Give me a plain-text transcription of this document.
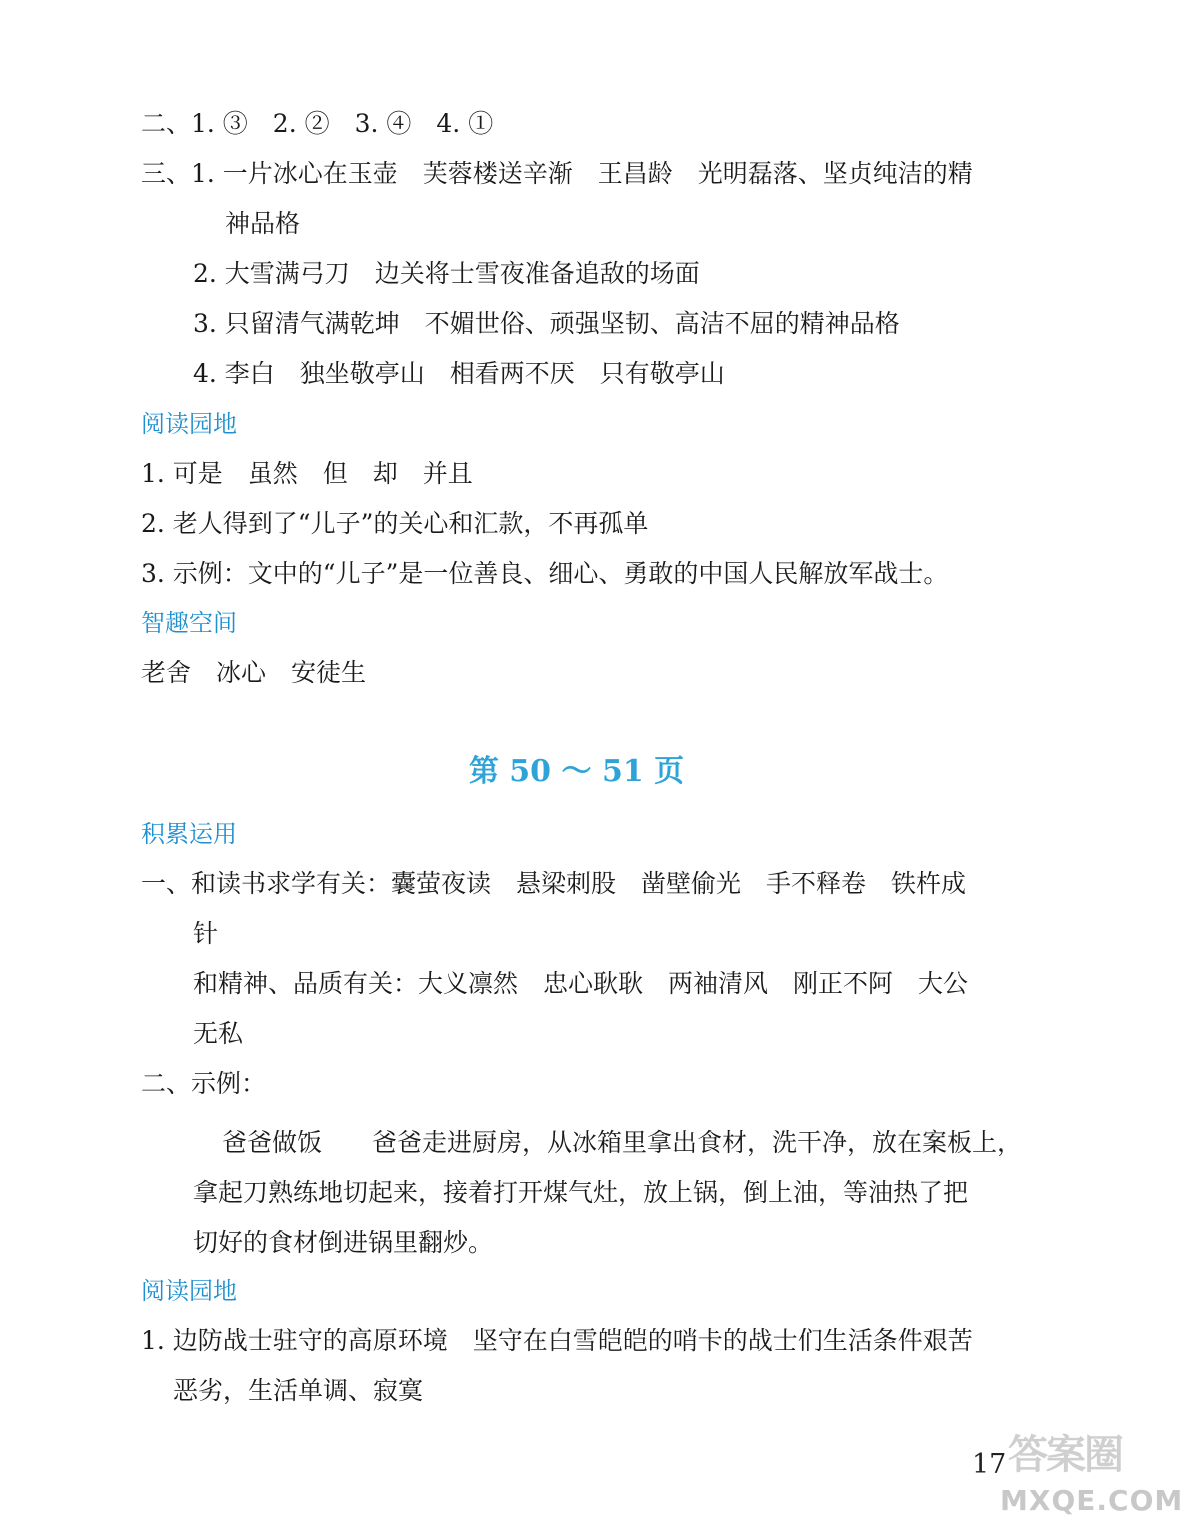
二、1. ③　2. ②　3. ④　4. ①
三、1. 一片冰心在玉壶　芙蓉楼送辛渐　王昌龄　光明磊落、坚贞纯洁的精
神品格
2. 大雪满弓刀　边关将士雪夜准备追敌的场面
3. 只留清气满乾坤　不媚世俗、顽强坚韧、高洁不屈的精神品格
4. 李白　独坐敬亭山　相看两不厌　只有敬亭山
阅读园地
1. 可是　虽然　但　却　并且
2. 老人得到了“儿子”的关心和汇款，不再孤单
3. 示例：文中的“儿子”是一位善良、细心、勇敢的中国人民解放军战士。
智趣空间
老舍　冰心　安徒生
第 50 ～ 51 页
积累运用
一、和读书求学有关：囊萤夜读　悬梁刺股　凿壁偷光　手不释卷　铁杵成
针
和精神、品质有关：大义凛然　忠心耿耿　两袖清风　刚正不阿　大公
无私
二、示例：
爸爸做饭　　爸爸走进厨房，从冰箱里拿出食材，洗干净，放在案板上，
拿起刀熟练地切起来，接着打开煤气灶，放上锅，倒上油，等油热了把
切好的食材倒进锅里翻炒。
阅读园地
1. 边防战士驻守的高原环境　坚守在白雪皑皑的哨卡的战士们生活条件艰苦
恶劣，生活单调、寂寞
17 答案圈
MXQE.COM
